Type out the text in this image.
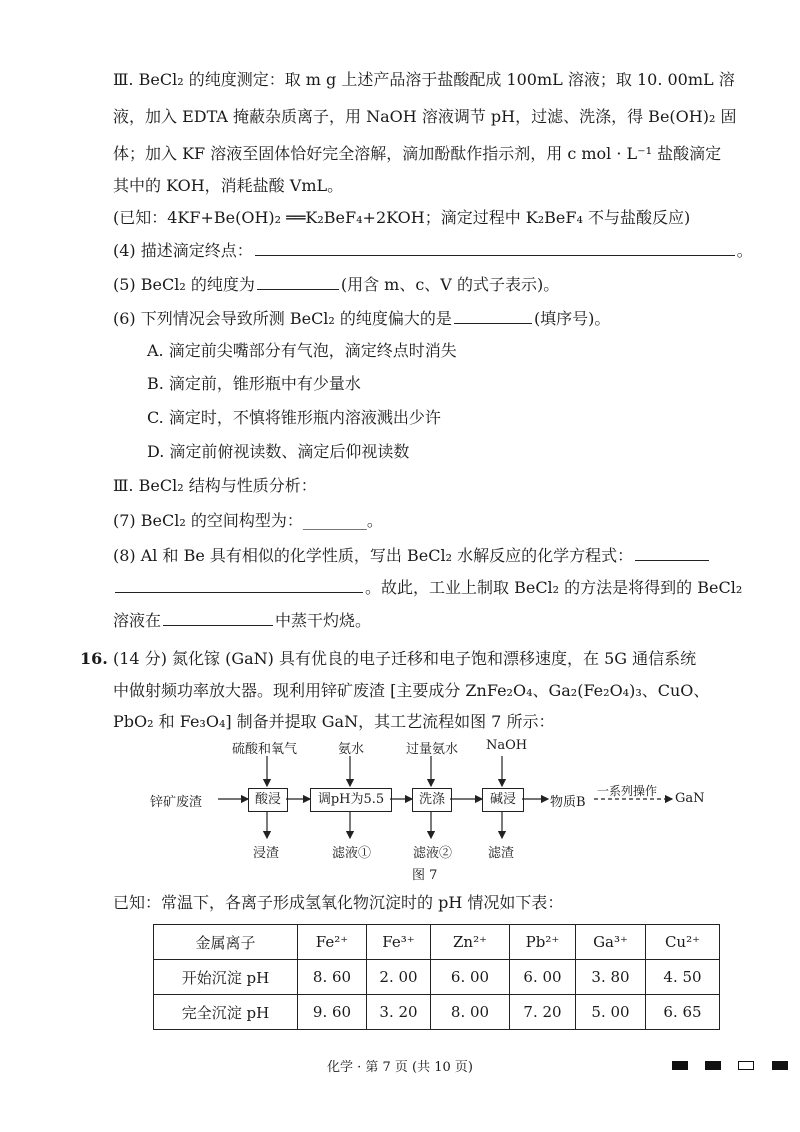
Ⅲ. BeCl₂ 的纯度测定：取 m g 上述产品溶于盐酸配成 100mL 溶液；取 10. 00mL 溶
液，加入 EDTA 掩蔽杂质离子，用 NaOH 溶液调节 pH，过滤、洗涤，得 Be(OH)₂ 固
体；加入 KF 溶液至固体恰好完全溶解，滴加酚酞作指示剂，用 c mol · L⁻¹ 盐酸滴定
其中的 KOH，消耗盐酸 VmL。
(已知：4KF+Be(OH)₂ ══K₂BeF₄+2KOH；滴定过程中 K₂BeF₄ 不与盐酸反应)
(4) 描述滴定终点：	。
(5) BeCl₂ 的纯度为	(用含 m、c、V 的式子表示)。
(6) 下列情况会导致所测 BeCl₂ 的纯度偏大的是	(填序号)。
A. 滴定前尖嘴部分有气泡，滴定终点时消失
B. 滴定前，锥形瓶中有少量水
C. 滴定时，不慎将锥形瓶内溶液溅出少许
D. 滴定前俯视读数、滴定后仰视读数
Ⅲ. BeCl₂ 结构与性质分析：
(7) BeCl₂ 的空间构型为：________。
(8) Al 和 Be 具有相似的化学性质，写出 BeCl₂ 水解反应的化学方程式：
。故此，工业上制取 BeCl₂ 的方法是将得到的 BeCl₂
溶液在	中蒸干灼烧。
16. (14 分) 氮化镓 (GaN) 具有优良的电子迁移和电子饱和漂移速度，在 5G 通信系统
中做射频功率放大器。现利用锌矿废渣 [主要成分 ZnFe₂O₄、Ga₂(Fe₂O₄)₃、CuO、
PbO₂ 和 Fe₃O₄] 制备并提取 GaN，其工艺流程如图 7 所示：
锌矿废渣	酸浸	调pH为5.5	洗涤	碱浸
硫酸和氧气	氨水	过量氨水 NaOH
浸渣	滤液①	滤液②	滤渣
物质B
一系列操作 GaN
图 7
已知：常温下，各离子形成氢氧化物沉淀时的 pH 情况如下表：
金属离子	Fe²⁺	Fe³⁺	Zn²⁺	Pb²⁺	Ga³⁺	Cu²⁺
开始沉淀 pH	8. 60	2. 00	6. 00	6. 00	3. 80	4. 50
完全沉淀 pH	9. 60	3. 20	8. 00	7. 20	5. 00	6. 65
化学 · 第 7 页 (共 10 页)
